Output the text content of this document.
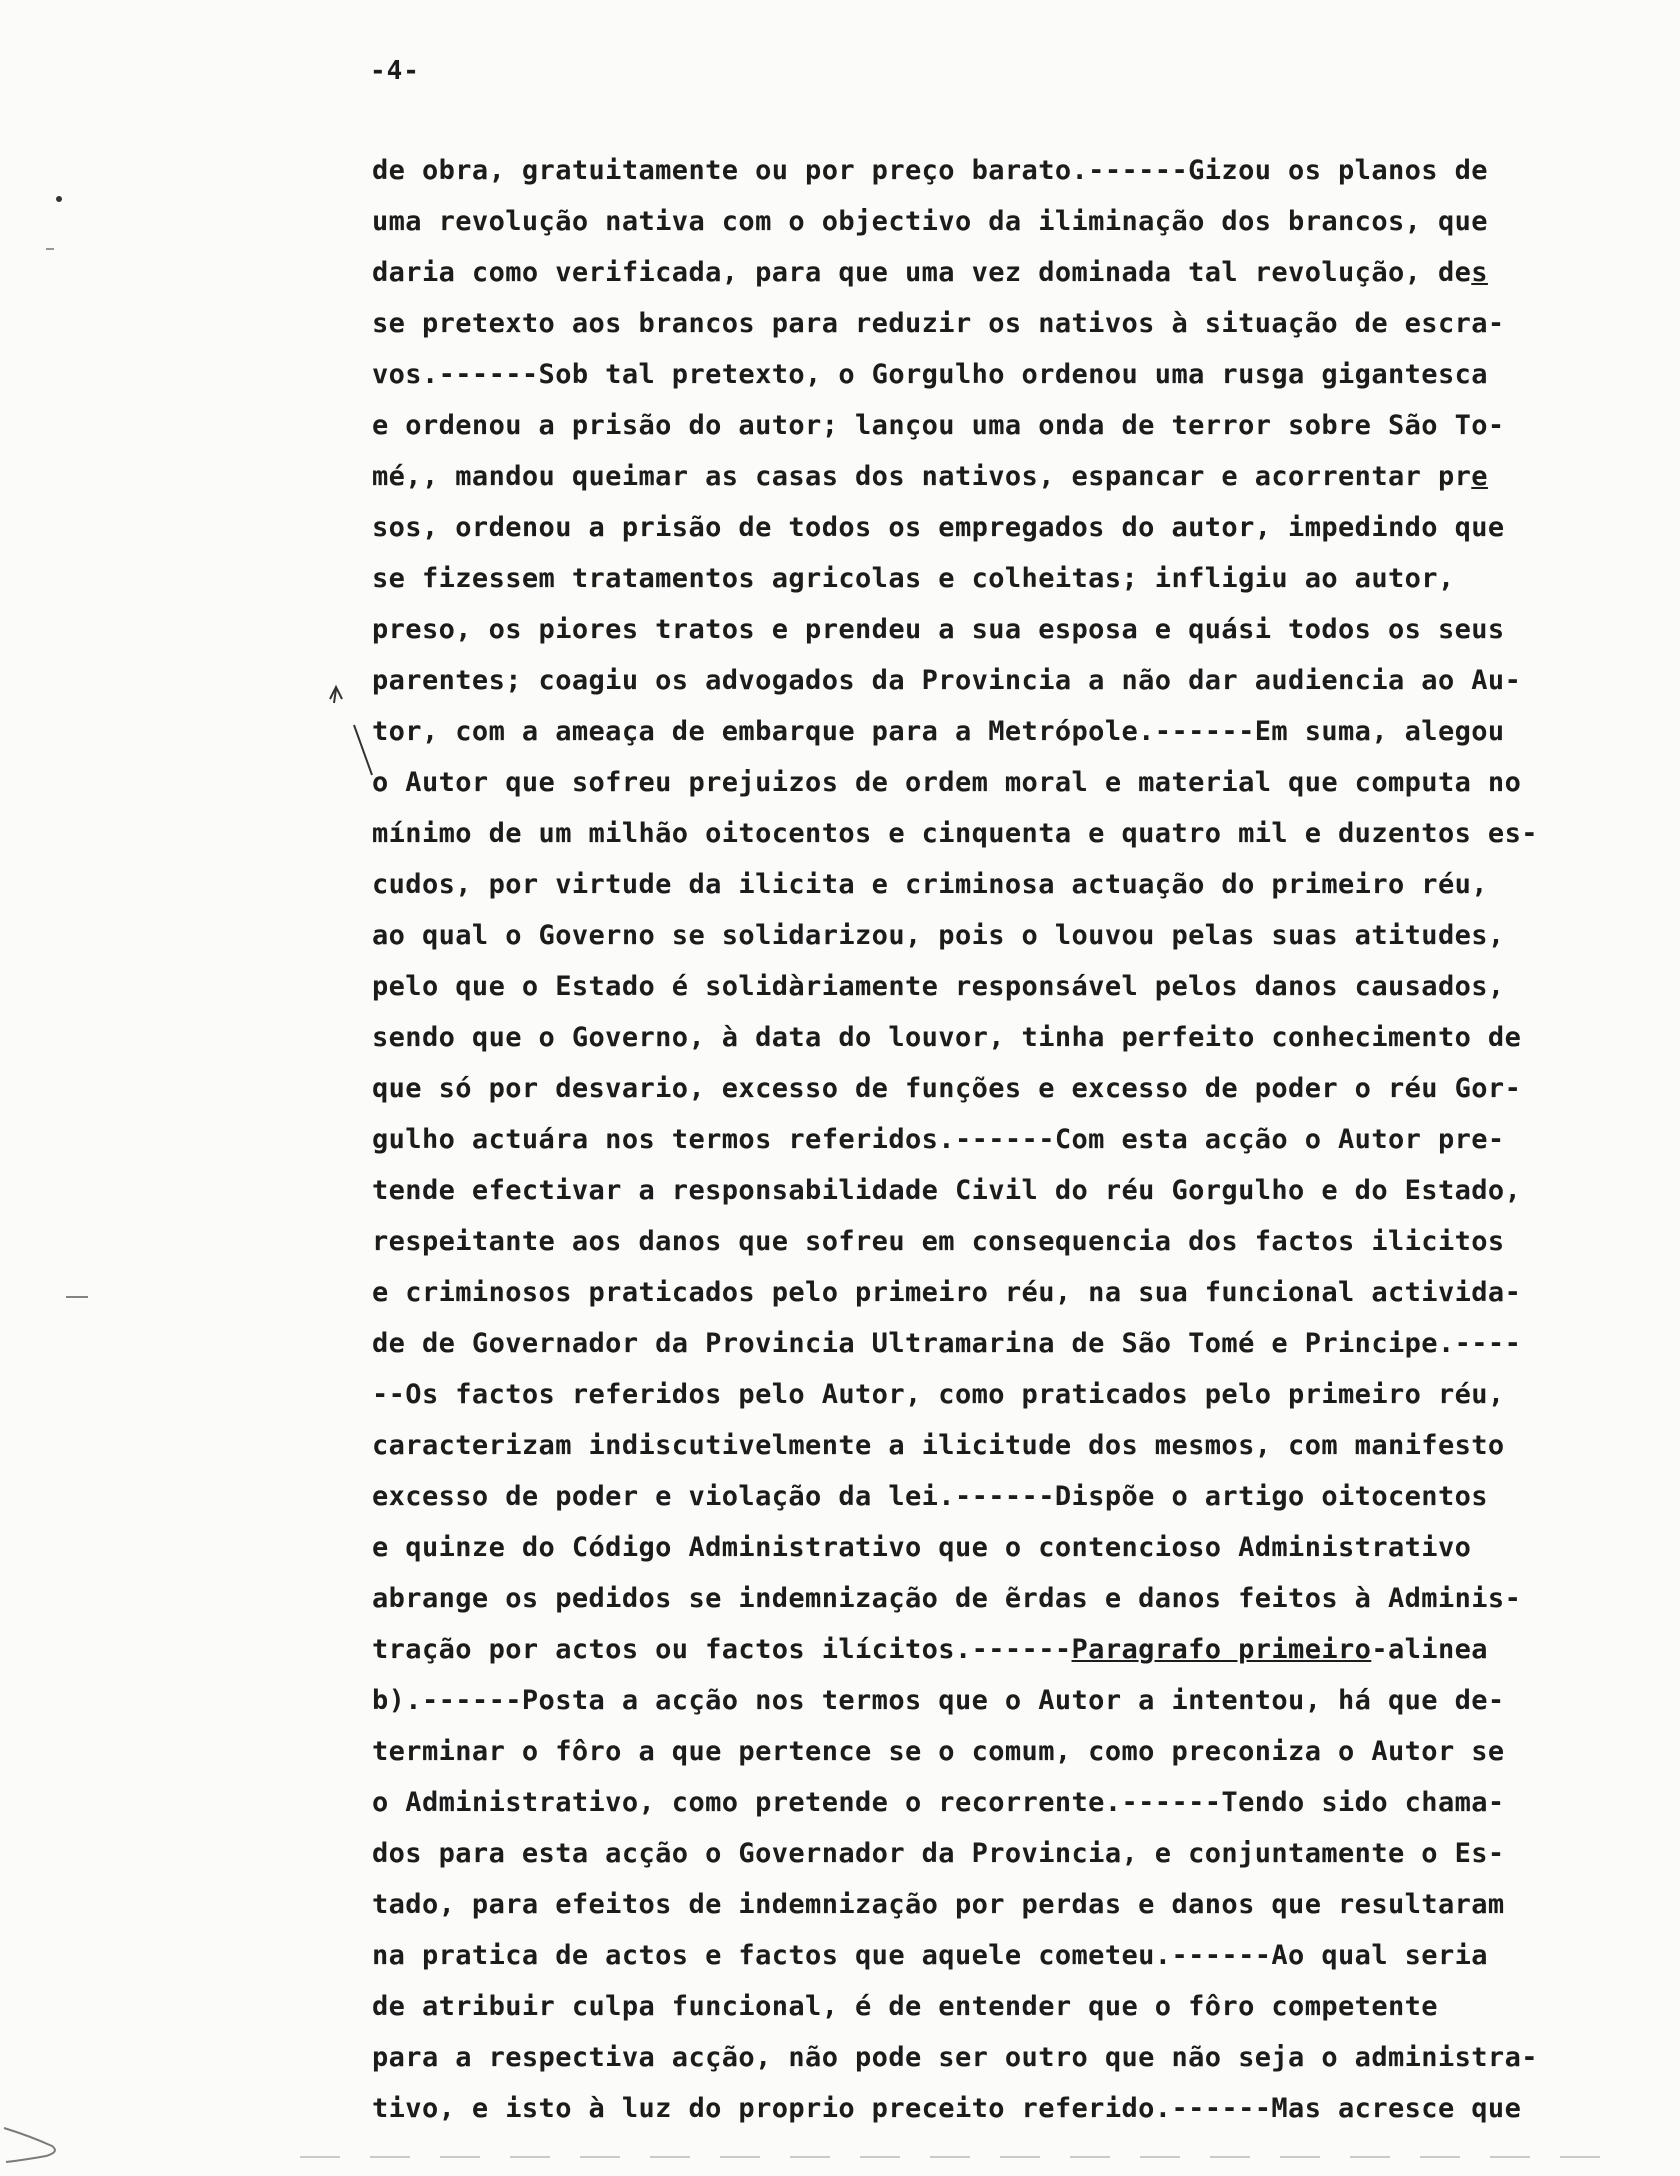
-4-
de obra, gratuitamente ou por preço barato.------Gizou os planos de
uma revolução nativa com o objectivo da iliminação dos brancos, que
daria como verificada, para que uma vez dominada tal revolução, des
se pretexto aos brancos para reduzir os nativos à situação de escra-
vos.------Sob tal pretexto, o Gorgulho ordenou uma rusga gigantesca
e ordenou a prisão do autor; lançou uma onda de terror sobre São To-
mé,, mandou queimar as casas dos nativos, espancar e acorrentar pre
sos, ordenou a prisão de todos os empregados do autor, impedindo que
se fizessem tratamentos agricolas e colheitas; infligiu ao autor,
preso, os piores tratos e prendeu a sua esposa e quási todos os seus
parentes; coagiu os advogados da Provincia a não dar audiencia ao Au-
tor, com a ameaça de embarque para a Metrópole.------Em suma, alegou
o Autor que sofreu prejuizos de ordem moral e material que computa no
mínimo de um milhão oitocentos e cinquenta e quatro mil e duzentos es-
cudos, por virtude da ilicita e criminosa actuação do primeiro réu,
ao qual o Governo se solidarizou, pois o louvou pelas suas atitudes,
pelo que o Estado é solidàriamente responsável pelos danos causados,
sendo que o Governo, à data do louvor, tinha perfeito conhecimento de
que só por desvario, excesso de funções e excesso de poder o réu Gor-
gulho actuára nos termos referidos.------Com esta acção o Autor pre-
tende efectivar a responsabilidade Civil do réu Gorgulho e do Estado,
respeitante aos danos que sofreu em consequencia dos factos ilicitos
e criminosos praticados pelo primeiro réu, na sua funcional activida-
de de Governador da Provincia Ultramarina de São Tomé e Principe.----
--Os factos referidos pelo Autor, como praticados pelo primeiro réu,
caracterizam indiscutivelmente a ilicitude dos mesmos, com manifesto
excesso de poder e violação da lei.------Dispõe o artigo oitocentos
e quinze do Código Administrativo que o contencioso Administrativo
abrange os pedidos se indemnização de ẽrdas e danos feitos à Adminis-
tração por actos ou factos ilícitos.------Paragrafo primeiro-alinea
b).------Posta a acção nos termos que o Autor a intentou, há que de-
terminar o fôro a que pertence se o comum, como preconiza o Autor se
o Administrativo, como pretende o recorrente.------Tendo sido chama-
dos para esta acção o Governador da Provincia, e conjuntamente o Es-
tado, para efeitos de indemnização por perdas e danos que resultaram
na pratica de actos e factos que aquele cometeu.------Ao qual seria
de atribuir culpa funcional, é de entender que o fôro competente
para a respectiva acção, não pode ser outro que não seja o administra-
tivo, e isto à luz do proprio preceito referido.------Mas acresce que
